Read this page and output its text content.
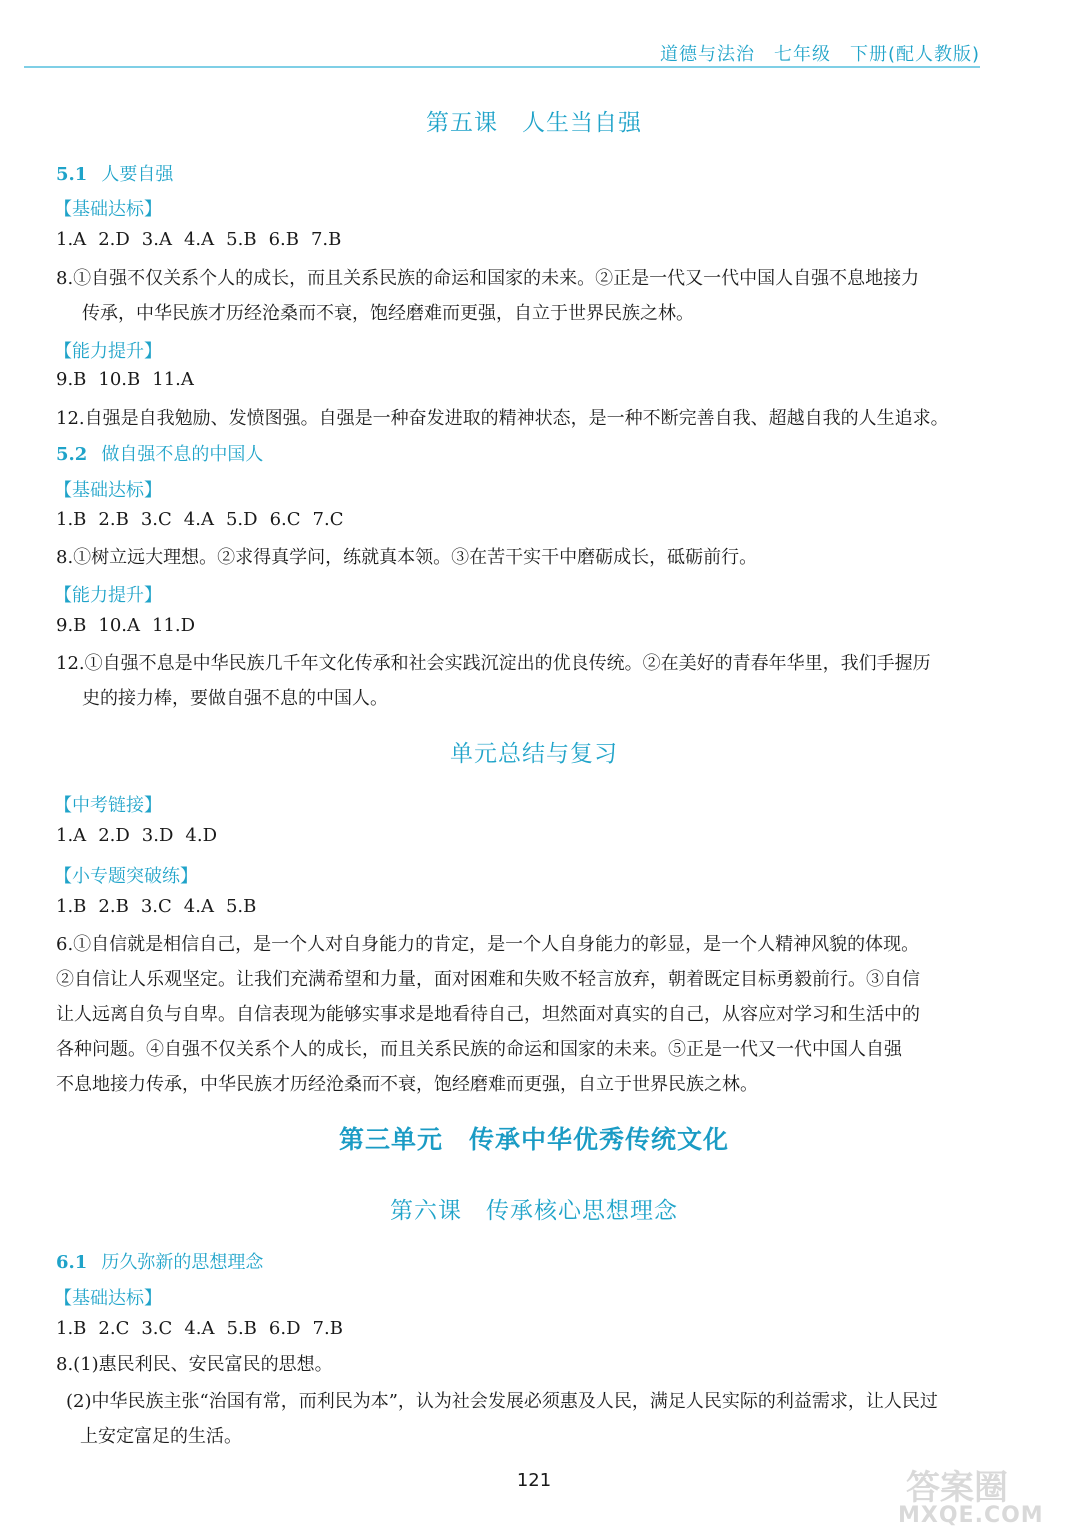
道德与法治　七年级　下册(配人教版)
第五课　人生当自强
5.1 人要自强
【基础达标】
1.A 2.D 3.A 4.A 5.B 6.B 7.B
8.①自强不仅关系个人的成长，而且关系民族的命运和国家的未来。②正是一代又一代中国人自强不息地接力
传承，中华民族才历经沧桑而不衰，饱经磨难而更强，自立于世界民族之林。
【能力提升】
9.B 10.B 11.A
12.自强是自我勉励、发愤图强。自强是一种奋发进取的精神状态，是一种不断完善自我、超越自我的人生追求。
5.2 做自强不息的中国人
【基础达标】
1.B 2.B 3.C 4.A 5.D 6.C 7.C
8.①树立远大理想。②求得真学问，练就真本领。③在苦干实干中磨砺成长，砥砺前行。
【能力提升】
9.B 10.A 11.D
12.①自强不息是中华民族几千年文化传承和社会实践沉淀出的优良传统。②在美好的青春年华里，我们手握历
史的接力棒，要做自强不息的中国人。
单元总结与复习
【中考链接】
1.A 2.D 3.D 4.D
【小专题突破练】
1.B 2.B 3.C 4.A 5.B
6.①自信就是相信自己，是一个人对自身能力的肯定，是一个人自身能力的彰显，是一个人精神风貌的体现。
②自信让人乐观坚定。让我们充满希望和力量，面对困难和失败不轻言放弃，朝着既定目标勇毅前行。③自信
让人远离自负与自卑。自信表现为能够实事求是地看待自己，坦然面对真实的自己，从容应对学习和生活中的
各种问题。④自强不仅关系个人的成长，而且关系民族的命运和国家的未来。⑤正是一代又一代中国人自强
不息地接力传承，中华民族才历经沧桑而不衰，饱经磨难而更强，自立于世界民族之林。
第三单元　传承中华优秀传统文化
第六课　传承核心思想理念
6.1 历久弥新的思想理念
【基础达标】
1.B 2.C 3.C 4.A 5.B 6.D 7.B
8.(1)惠民利民、安民富民的思想。
(2)中华民族主张“治国有常，而利民为本”，认为社会发展必须惠及人民，满足人民实际的利益需求，让人民过
上安定富足的生活。
121	答案圈
MXQE.COM
